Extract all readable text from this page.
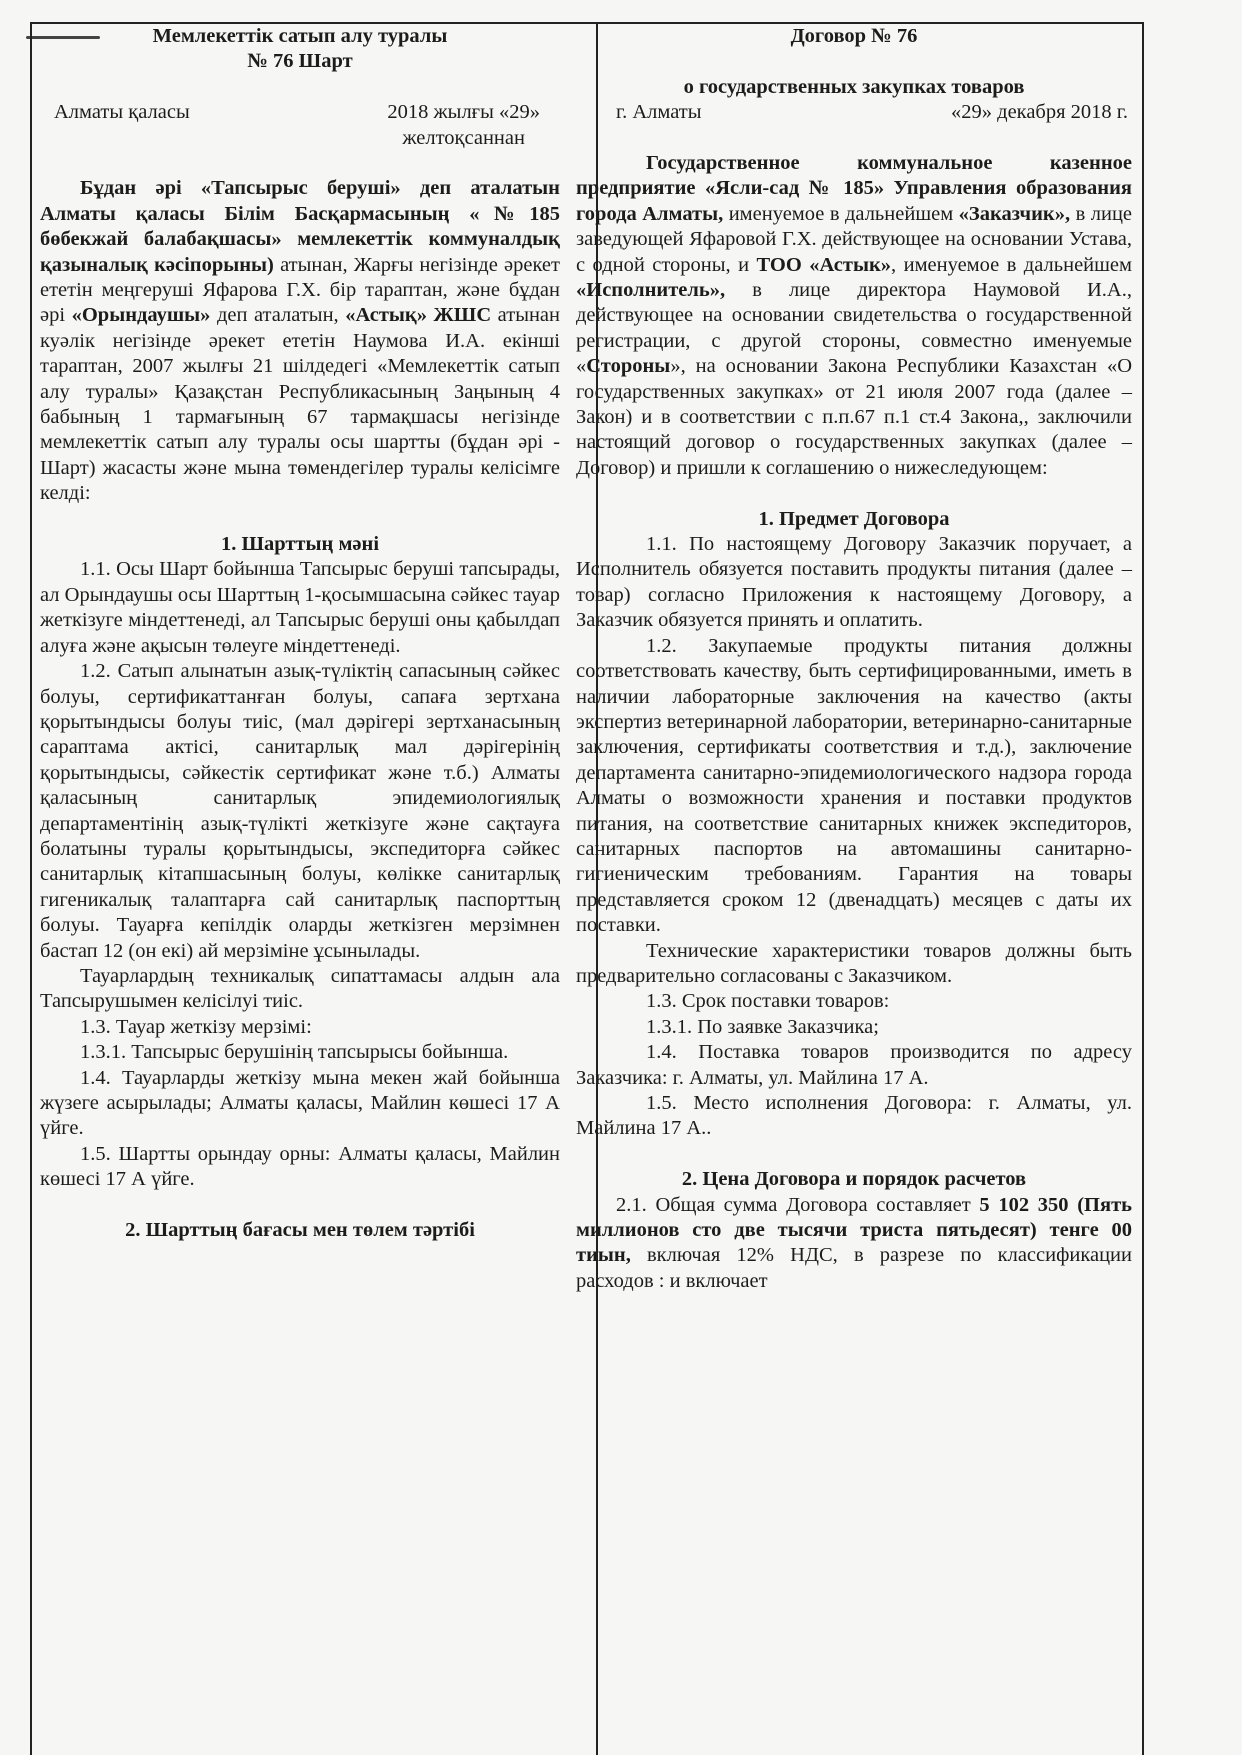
Мемлекеттік сатып алу туралы
№ 76 Шарт
Алматы қаласы	2018 жылғы «29»
желтоқсаннан

Бұдан әрі «Тапсырыс беруші» деп аталатын Алматы қаласы Білім Басқармасының «№185 бөбекжай балабақшасы» мемлекеттік коммуналдық қазыналық кәсіпорыны) атынан, Жарғы негізінде әрекет ететін меңгеруші Яфарова Г.Х. бір тараптан, және бұдан әрі «Орындаушы» деп аталатын, «Астық» ЖШС атынан куәлік негізінде әрекет ететін Наумова И.А. екінші тараптан, 2007 жылғы 21 шілдедегі «Мемлекеттік сатып алу туралы» Қазақстан Республикасының Заңының 4 бабының 1 тармағының 67 тармақшасы негізінде мемлекеттік сатып алу туралы осы шартты (бұдан әрі - Шарт) жасасты және мына төмендегілер туралы келісімге келді:

1. Шарттың мәні

1.1. Осы Шарт бойынша Тапсырыс беруші тапсырады, ал Орындаушы осы Шарттың 1-қосымшасына сәйкес тауар жеткізуге міндеттенеді, ал Тапсырыс беруші оны қабылдап алуға және ақысын төлеуге міндеттенеді.

1.2. Сатып алынатын азық-түліктің сапасының сәйкес болуы, сертификаттанған болуы, сапаға зертхана қорытындысы болуы тиіс, (мал дәрігері зертханасының сараптама актісі, санитарлық мал дәрігерінің қорытындысы, сәйкестік сертификат және т.б.) Алматы қаласының санитарлық эпидемиологиялық департаментінің азық-түлікті жеткізуге және сақтауға болатыны туралы қорытындысы, экспедиторға сәйкес санитарлық кітапшасының болуы, көлікке санитарлық гигеникалық талаптарға сай санитарлық паспорттың болуы. Тауарға кепілдік оларды жеткізген мерзімнен бастап 12 (он екі) ай мерзіміне ұсынылады.

Тауарлардың техникалық сипаттамасы алдын ала Тапсырушымен келісілуі тиіс.

1.3. Тауар жеткізу мерзімі:

1.3.1. Тапсырыс берушінің тапсырысы бойынша.

1.4. Тауарларды жеткізу мына мекен жай бойынша жүзеге асырылады; Алматы қаласы, Майлин көшесі 17 А үйге.

1.5. Шартты орындау орны: Алматы қаласы, Майлин көшесі 17 А үйге.

2. Шарттың бағасы мен төлем тәртібі
Договор № 76
о государственных закупках товаров
г. Алматы	«29» декабря 2018 г.

Государственное коммунальное казенное предприятие «Ясли-сад № 185» Управления образования города Алматы, именуемое в дальнейшем «Заказчик», в лице заведующей Яфаровой Г.Х. действующее на основании Устава, с одной стороны, и ТОО «Астык», именуемое в дальнейшем «Исполнитель», в лице директора Наумовой И.А., действующее на основании свидетельства о государственной регистрации, с другой стороны, совместно именуемые «Стороны», на основании Закона Республики Казахстан «О государственных закупках» от 21 июля 2007 года (далее – Закон) и в соответствии с п.п.67 п.1 ст.4 Закона,, заключили настоящий договор о государственных закупках (далее – Договор) и пришли к соглашению о нижеследующем:

1. Предмет Договора

1.1. По настоящему Договору Заказчик поручает, а Исполнитель обязуется поставить продукты питания (далее – товар) согласно Приложения к настоящему Договору, а Заказчик обязуется принять и оплатить.

1.2. Закупаемые продукты питания должны соответствовать качеству, быть сертифицированными, иметь в наличии лабораторные заключения на качество (акты экспертиз ветеринарной лаборатории, ветеринарно-санитарные заключения, сертификаты соответствия и т.д.), заключение департамента санитарно-эпидемиологического надзора города Алматы о возможности хранения и поставки продуктов питания, на соответствие санитарных книжек экспедиторов, санитарных паспортов на автомашины санитарно-гигиеническим требованиям. Гарантия на товары представляется сроком 12 (двенадцать) месяцев с даты их поставки.

Технические характеристики товаров должны быть предварительно согласованы с Заказчиком.

1.3. Срок поставки товаров:

1.3.1. По заявке Заказчика;

1.4. Поставка товаров производится по адресу Заказчика: г. Алматы, ул. Майлина 17 А.

1.5. Место исполнения Договора: г. Алматы, ул. Майлина 17 А..

2. Цена Договора и порядок расчетов

2.1. Общая сумма Договора составляет 5 102 350 (Пять миллионов сто две тысячи триста пятьдесят) тенге 00 тиын, включая 12% НДС, в разрезе по классификации расходов : и включает
